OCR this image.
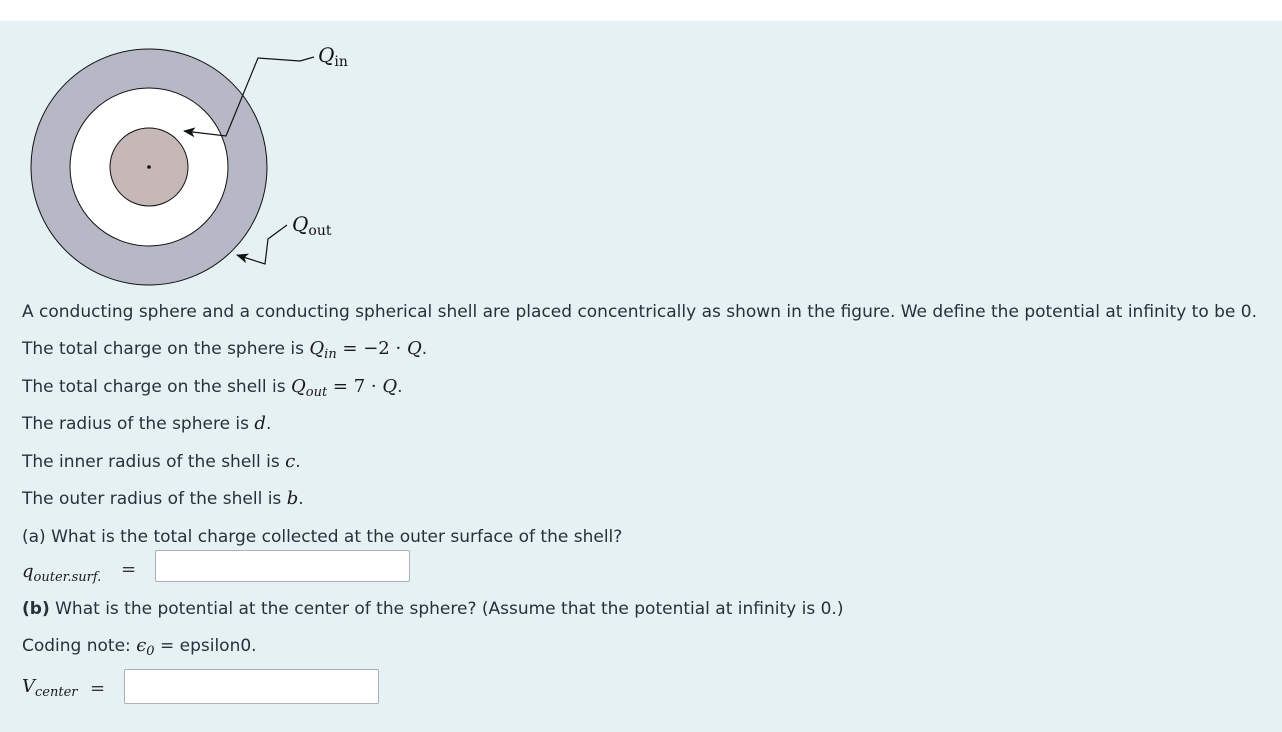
$Q_{in}$
$Q_{out}$
A conducting sphere and a conducting spherical shell are placed concentrically as shown in the figure. We define the potential at infinity to be 0.
The total charge on the sphere is $Q_{in} = -2 \cdot Q$.
The total charge on the shell is $Q_{out} = 7 \cdot Q$.
The radius of the sphere is d.
The inner radius of the shell is c.
The outer radius of the shell is b.
(a) What is the total charge collected at the outer surface of the shell?
$q_{outer.surf.}$ =
(b) What is the potential at the center of the sphere? (Assume that the potential at infinity is 0.)
Coding note: $\epsilon_0$ = epsilon0.
$V_{center}$ =
